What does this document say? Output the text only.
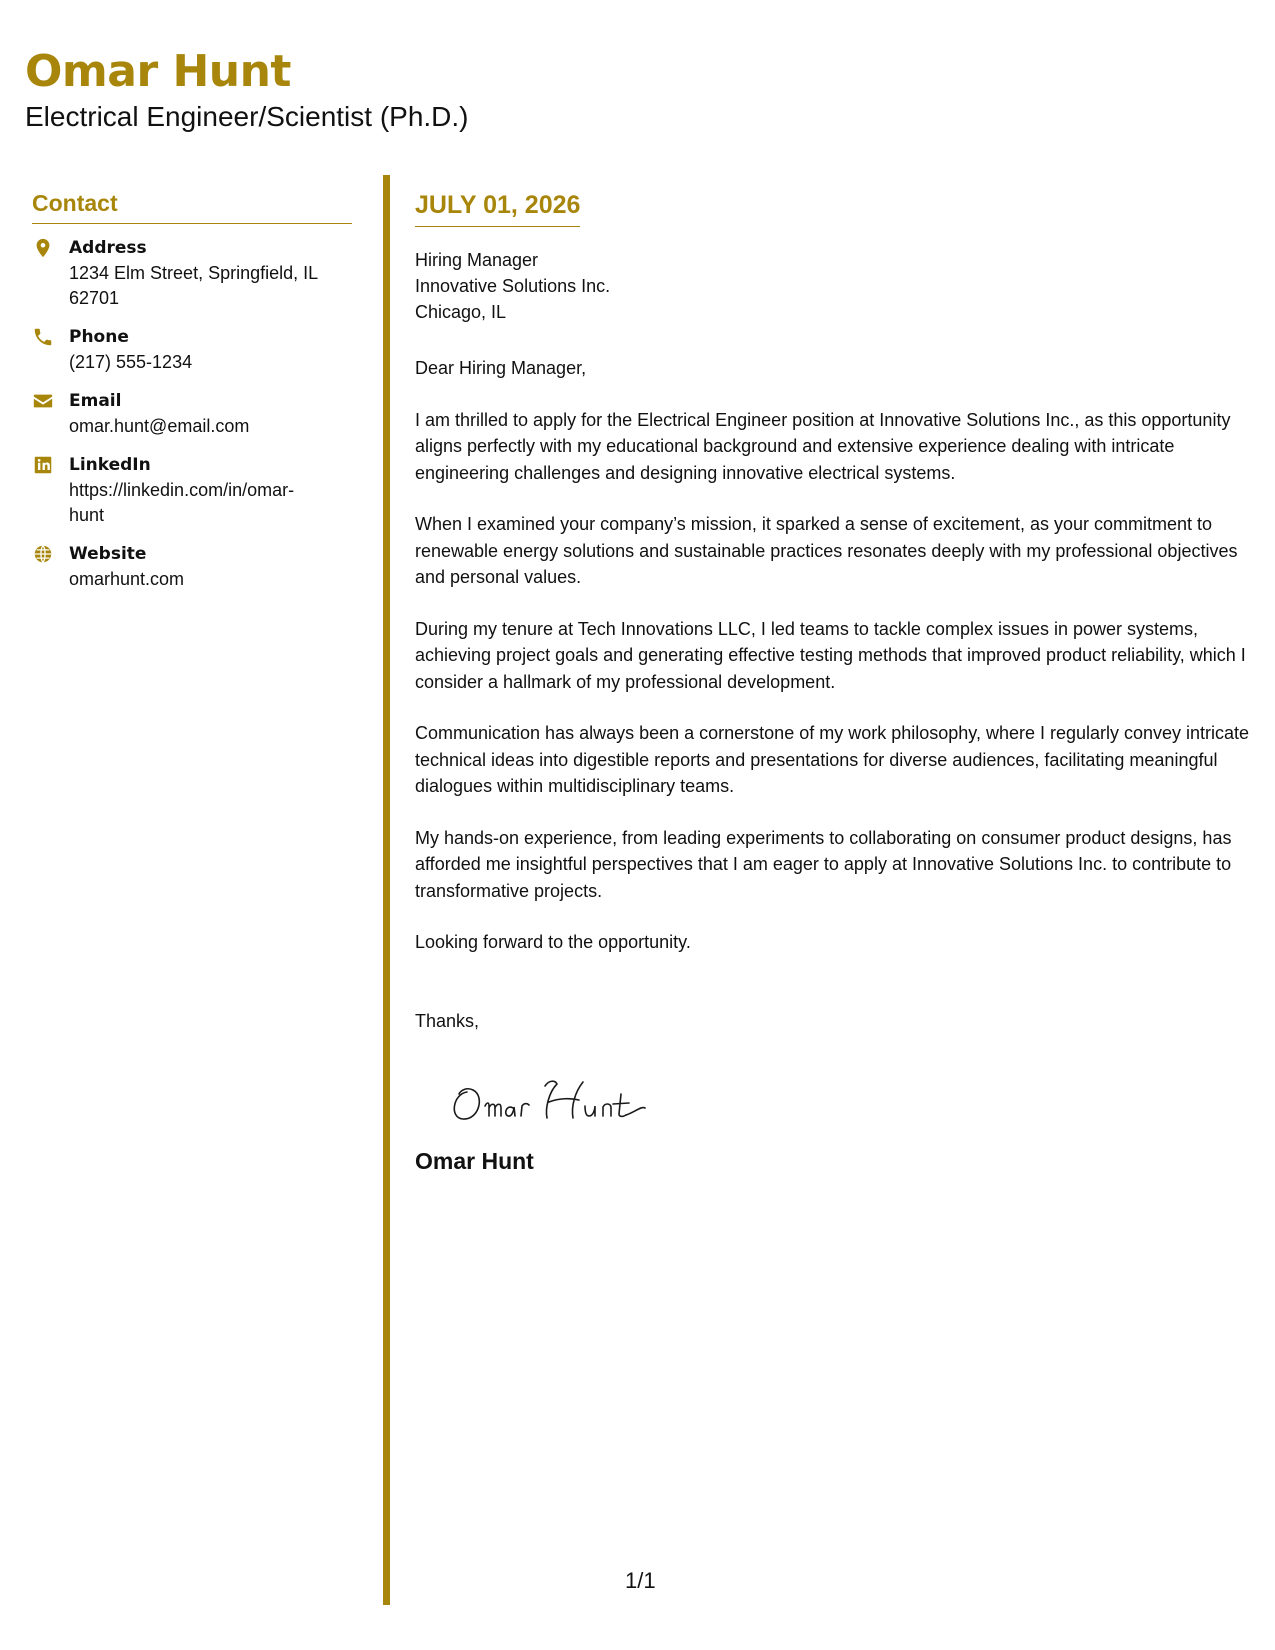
Omar Hunt
Electrical Engineer/Scientist (Ph.D.)
Contact
Address
1234 Elm Street, Springfield, IL 62701
Phone
(217) 555-1234
Email
omar.hunt@email.com
LinkedIn
https://linkedin.com/in/omar-hunt
Website
omarhunt.com
JULY 01, 2026
Hiring Manager
Innovative Solutions Inc.
Chicago, IL

Dear Hiring Manager,

I am thrilled to apply for the Electrical Engineer position at Innovative Solutions Inc., as this opportunity aligns perfectly with my educational background and extensive experience dealing with intricate engineering challenges and designing innovative electrical systems.

When I examined your company’s mission, it sparked a sense of excitement, as your commitment to renewable energy solutions and sustainable practices resonates deeply with my professional objectives and personal values.

During my tenure at Tech Innovations LLC, I led teams to tackle complex issues in power systems, achieving project goals and generating effective testing methods that improved product reliability, which I consider a hallmark of my professional development.

Communication has always been a cornerstone of my work philosophy, where I regularly convey intricate technical ideas into digestible reports and presentations for diverse audiences, facilitating meaningful dialogues within multidisciplinary teams.

My hands-on experience, from leading experiments to collaborating on consumer product designs, has afforded me insightful perspectives that I am eager to apply at Innovative Solutions Inc. to contribute to transformative projects.

Looking forward to the opportunity.

Thanks,

Omar Hunt
1/1
